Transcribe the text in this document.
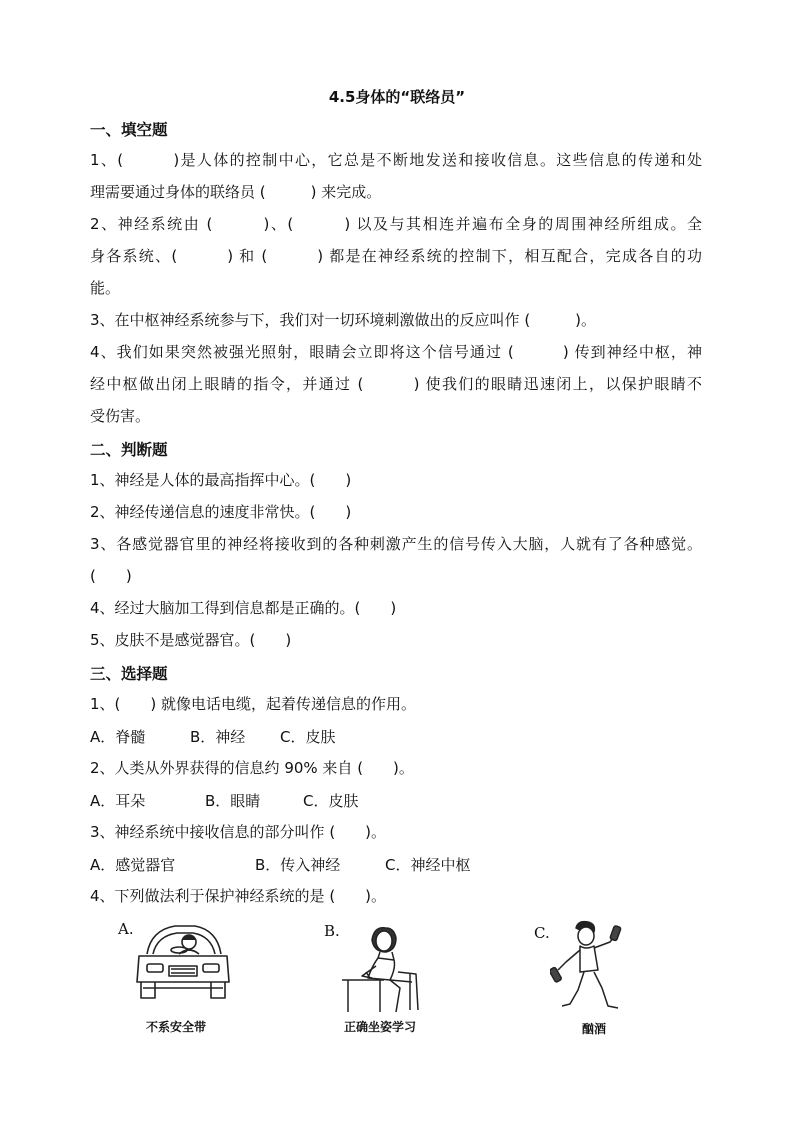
4.5身体的“联络员”
一、填空题
1、(　　　)是人体的控制中心，它总是不断地发送和接收信息。这些信息的传递和处
理需要通过身体的联络员 (　　　) 来完成。
2、神经系统由 (　　　)、(　　　) 以及与其相连并遍布全身的周围神经所组成。全
身各系统、(　　　) 和 (　　　) 都是在神经系统的控制下，相互配合，完成各自的功
能。
3、在中枢神经系统参与下，我们对一切环境刺激做出的反应叫作 (　　　)。
4、我们如果突然被强光照射，眼睛会立即将这个信号通过 (　　　) 传到神经中枢，神
经中枢做出闭上眼睛的指令，并通过 (　　　) 使我们的眼睛迅速闭上，以保护眼睛不
受伤害。
二、判断题
1、神经是人体的最高指挥中心。(　　)
2、神经传递信息的速度非常快。(　　)
3、各感觉器官里的神经将接收到的各种刺激产生的信号传入大脑，人就有了各种感觉。
(　　)
4、经过大脑加工得到信息都是正确的。(　　)
5、皮肤不是感觉器官。(　　)
三、选择题
1、(　　) 就像电话电缆，起着传递信息的作用。
A．脊髓	B．神经 C．皮肤
2、人类从外界获得的信息约 90% 来自 (　　)。
A．耳朵	B．眼睛	C．皮肤
3、神经系统中接收信息的部分叫作 (　　)。
A．感觉器官	B．传入神经	C．神经中枢
4、下列做法利于保护神经系统的是 (　　)。
A.
不系安全带
B.
正确坐姿学习
C.
酗酒
